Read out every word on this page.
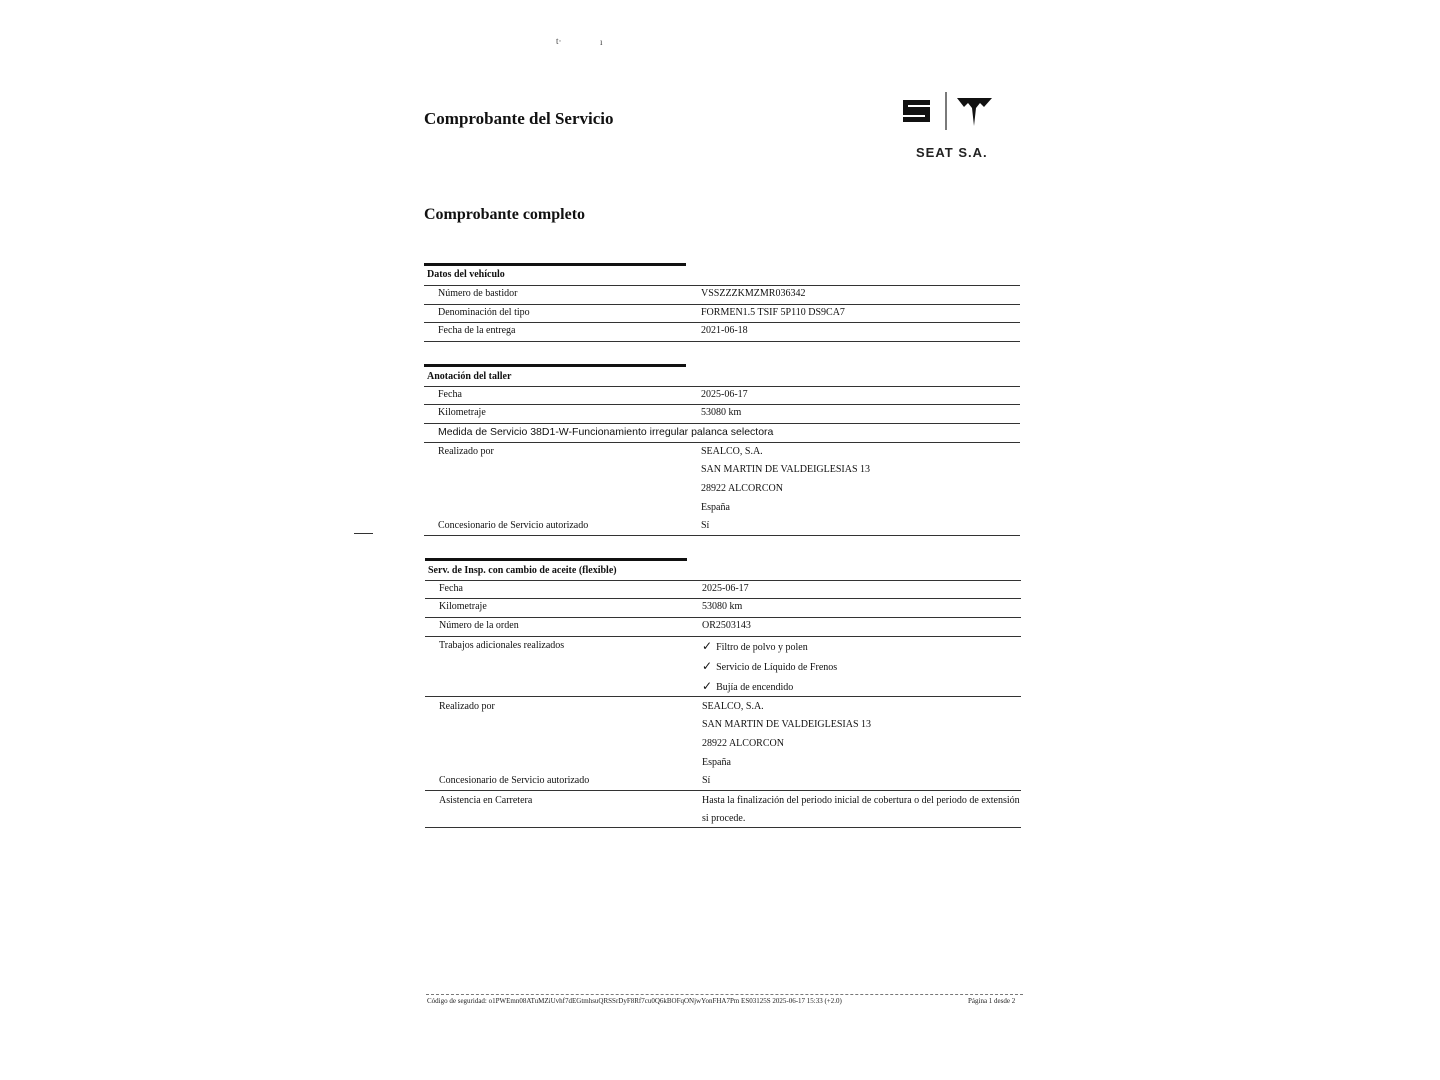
t·	ı
Comprobante del Servicio
SEAT S.A.
Comprobante completo
Datos del vehículo
Número de bastidor	VSSZZZKMZMR036342
Denominación del tipo	FORMEN1.5 TSIF 5P110 DS9CA7
Fecha de la entrega	2021-06-18
Anotación del taller
Fecha	2025-06-17
Kilometraje	53080 km
Medida de Servicio 38D1-W-Funcionamiento irregular palanca selectora
Realizado por	SEALCO, S.A.
SAN MARTIN DE VALDEIGLESIAS 13
28922 ALCORCON
España
Concesionario de Servicio autorizado	Sí
Serv. de Insp. con cambio de aceite (flexible)
Fecha	2025-06-17
Kilometraje	53080 km
Número de la orden	OR2503143
Trabajos adicionales realizados	✓ Filtro de polvo y polen
✓ Servicio de Líquido de Frenos
✓ Bujía de encendido
Realizado por	SEALCO, S.A.
SAN MARTIN DE VALDEIGLESIAS 13
28922 ALCORCON
España
Concesionario de Servicio autorizado	Sí
Asistencia en Carretera	Hasta la finalización del periodo inicial de cobertura o del periodo de extensión
si procede.
Código de seguridad: o1PWEmn08ATuMZiUvhf7dEGtmhsuQRSSrDyF8Rf7cu0Q6kBOFqONjwYonFHA7Pm ES03125S 2025-06-17 15:33 (+2.0)	Página 1 desde 2
